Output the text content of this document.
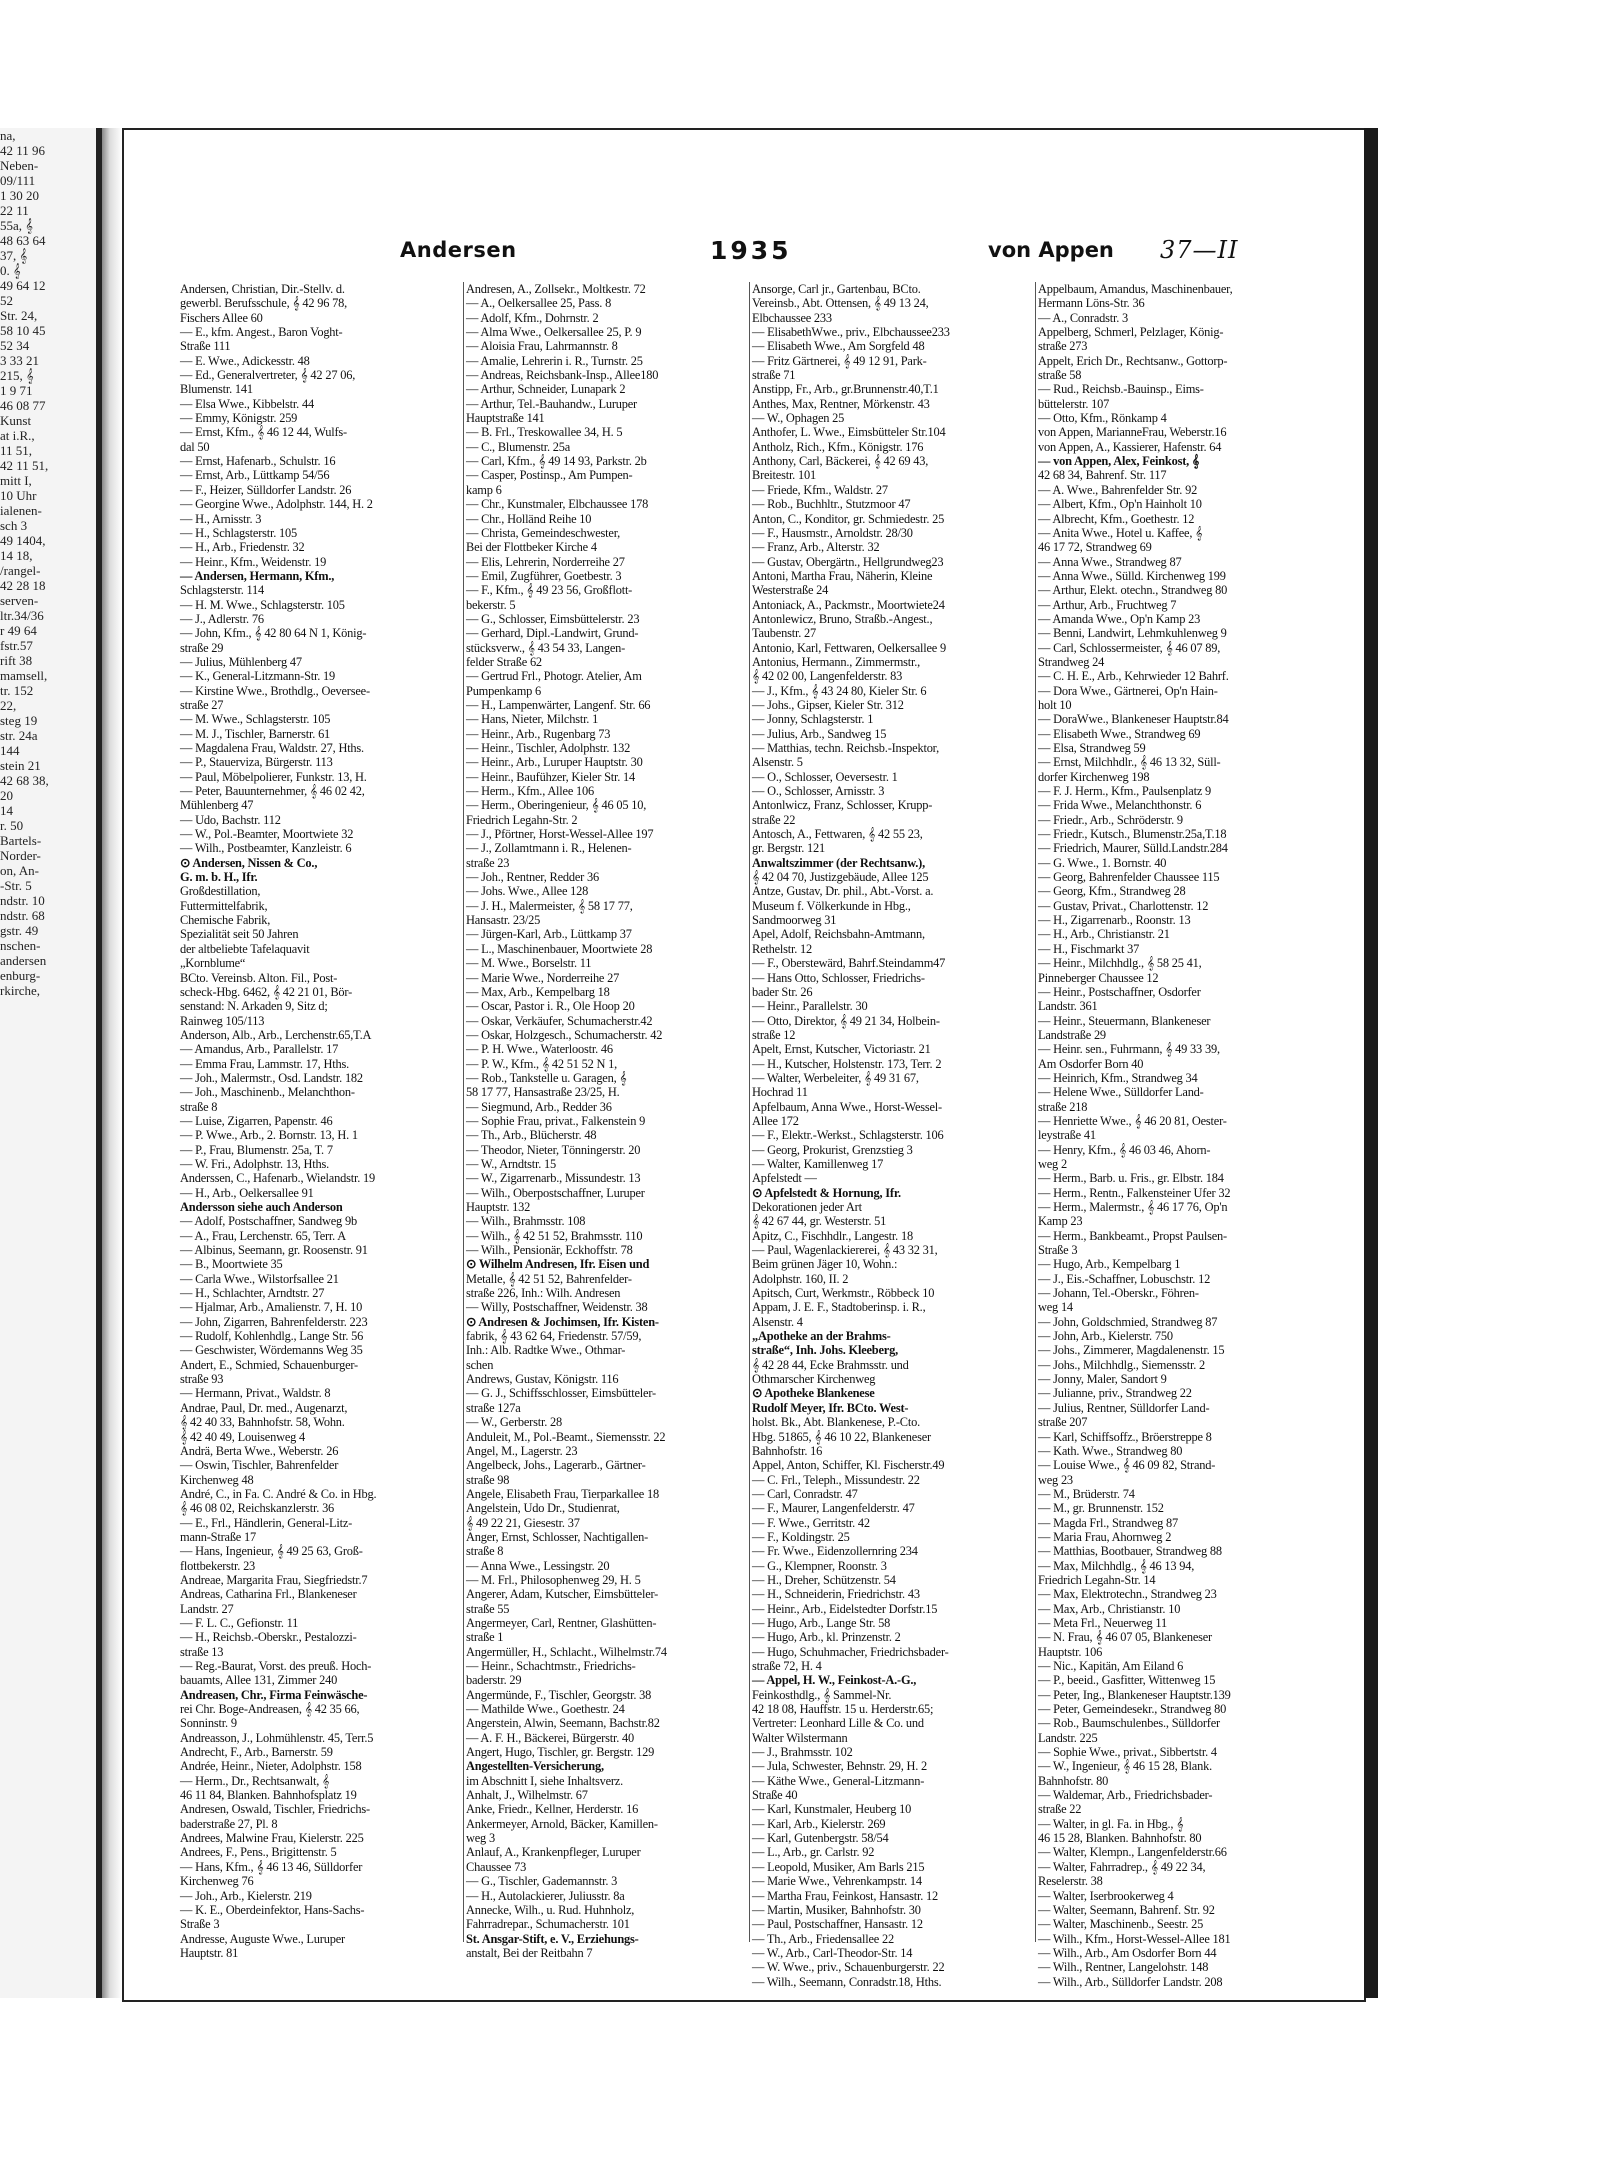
na,
42 11 96
Neben-
09/111
1 30 20
22 11
55a, 𝄞
48 63 64
37, 𝄞
0. 𝄞
49 64 12
52
Str. 24,
58 10 45
52 34
3 33 21
215, 𝄞
1 9 71
46 08 77
Kunst
at i.R.,
11 51,
42 11 51,
mitt I,
10 Uhr
ialenen-
sch 3
49 1404,
14 18,
/rangel-
42 28 18
serven-
ltr.34/36
r 49 64
fstr.57
rift 38
mamsell,
tr. 152
22,
steg 19
str. 24a
144
stein 21
42 68 38,
20
14
r. 50
Bartels-
Norder-
on, An-
-Str. 5
ndstr. 10
ndstr. 68
gstr. 49
nschen-
andersen
enburg-
rkirche,
Andersen	1935	von Appen 37—II
Andersen, Christian, Dir.-Stellv. d.
gewerbl. Berufsschule, 𝄞 42 96 78,
Fischers Allee 60
— E., kfm. Angest., Baron Voght-
Straße 111
— E. Wwe., Adickesstr. 48
— Ed., Generalvertreter, 𝄞 42 27 06,
Blumenstr. 141
— Elsa Wwe., Kibbelstr. 44
— Emmy, Königstr. 259
— Ernst, Kfm., 𝄞 46 12 44, Wulfs-
dal 50
— Ernst, Hafenarb., Schulstr. 16
— Ernst, Arb., Lüttkamp 54/56
— F., Heizer, Sülldorfer Landstr. 26
— Georgine Wwe., Adolphstr. 144, H. 2
— H., Arnisstr. 3
— H., Schlagsterstr. 105
— H., Arb., Friedenstr. 32
— Heinr., Kfm., Weidenstr. 19
— Andersen, Hermann, Kfm.,
Schlagsterstr. 114
— H. M. Wwe., Schlagsterstr. 105
— J., Adlerstr. 76
— John, Kfm., 𝄞 42 80 64 N 1, König-
straße 29
— Julius, Mühlenberg 47
— K., General-Litzmann-Str. 19
— Kirstine Wwe., Brothdlg., Oeversee-
straße 27
— M. Wwe., Schlagsterstr. 105
— M. J., Tischler, Barnerstr. 61
— Magdalena Frau, Waldstr. 27, Hths.
— P., Stauerviza, Bürgerstr. 113
— Paul, Möbelpolierer, Funkstr. 13, H.
— Peter, Bauunternehmer, 𝄞 46 02 42,
Mühlenberg 47
— Udo, Bachstr. 112
— W., Pol.-Beamter, Moortwiete 32
— Wilh., Postbeamter, Kanzleistr. 6
⊙ Andersen, Nissen & Co.,
G. m. b. H., Ifr.
Großdestillation,
Futtermittelfabrik,
Chemische Fabrik,
Spezialität seit 50 Jahren
der altbeliebte Tafelaquavit
„Kornblume“
BCto. Vereinsb. Alton. Fil., Post-
scheck-Hbg. 6462, 𝄞 42 21 01, Bör-
senstand: N. Arkaden 9, Sitz d;
Rainweg 105/113
Anderson, Alb., Arb., Lerchenstr.65,T.A
— Amandus, Arb., Parallelstr. 17
— Emma Frau, Lammstr. 17, Hths.
— Joh., Malermstr., Osd. Landstr. 182
— Joh., Maschinenb., Melanchthon-
straße 8
— Luise, Zigarren, Papenstr. 46
— P. Wwe., Arb., 2. Bornstr. 13, H. 1
— P., Frau, Blumenstr. 25a, T. 7
— W. Fri., Adolphstr. 13, Hths.
Anderssen, C., Hafenarb., Wielandstr. 19
— H., Arb., Oelkersallee 91
Andersson siehe auch Anderson
— Adolf, Postschaffner, Sandweg 9b
— A., Frau, Lerchenstr. 65, Terr. A
— Albinus, Seemann, gr. Roosenstr. 91
— B., Moortwiete 35
— Carla Wwe., Wilstorfsallee 21
— H., Schlachter, Arndtstr. 27
— Hjalmar, Arb., Amalienstr. 7, H. 10
— John, Zigarren, Bahrenfelderstr. 223
— Rudolf, Kohlenhdlg., Lange Str. 56
— Geschwister, Wördemanns Weg 35
Andert, E., Schmied, Schauenburger-
straße 93
— Hermann, Privat., Waldstr. 8
Andrae, Paul, Dr. med., Augenarzt,
𝄞 42 40 33, Bahnhofstr. 58, Wohn.
𝄞 42 40 49, Louisenweg 4
Andrä, Berta Wwe., Weberstr. 26
— Oswin, Tischler, Bahrenfelder
Kirchenweg 48
André, C., in Fa. C. André & Co. in Hbg.
𝄞 46 08 02, Reichskanzlerstr. 36
— E., Frl., Händlerin, General-Litz-
mann-Straße 17
— Hans, Ingenieur, 𝄞 49 25 63, Groß-
flottbekerstr. 23
Andreae, Margarita Frau, Siegfriedstr.7
Andreas, Catharina Frl., Blankeneser
Landstr. 27
— F. L. C., Gefionstr. 11
— H., Reichsb.-Oberskr., Pestalozzi-
straße 13
— Reg.-Baurat, Vorst. des preuß. Hoch-
bauamts, Allee 131, Zimmer 240
Andreasen, Chr., Firma Feinwäsche-
rei Chr. Boge-Andreasen, 𝄞 42 35 66,
Sonninstr. 9
Andreasson, J., Lohmühlenstr. 45, Terr.5
Andrecht, F., Arb., Barnerstr. 59
Andrée, Heinr., Nieter, Adolphstr. 158
— Herm., Dr., Rechtsanwalt, 𝄞
46 11 84, Blanken. Bahnhofsplatz 19
Andresen, Oswald, Tischler, Friedrichs-
baderstraße 27, Pl. 8
Andrees, Malwine Frau, Kielerstr. 225
Andrees, F., Pens., Brigittenstr. 5
— Hans, Kfm., 𝄞 46 13 46, Sülldorfer
Kirchenweg 76
— Joh., Arb., Kielerstr. 219
— K. E., Oberdeinfektor, Hans-Sachs-
Straße 3
Andresse, Auguste Wwe., Luruper
Hauptstr. 81
Andresen, A., Zollsekr., Moltkestr. 72
— A., Oelkersallee 25, Pass. 8
— Adolf, Kfm., Dohrnstr. 2
— Alma Wwe., Oelkersallee 25, P. 9
— Aloisia Frau, Lahrmannstr. 8
— Amalie, Lehrerin i. R., Turnstr. 25
— Andreas, Reichsbank-Insp., Allee180
— Arthur, Schneider, Lunapark 2
— Arthur, Tel.-Bauhandw., Luruper
Hauptstraße 141
— B. Frl., Treskowallee 34, H. 5
— C., Blumenstr. 25a
— Carl, Kfm., 𝄞 49 14 93, Parkstr. 2b
— Casper, Postinsp., Am Pumpen-
kamp 6
— Chr., Kunstmaler, Elbchaussee 178
— Chr., Holländ Reihe 10
— Christa, Gemeindeschwester,
Bei der Flottbeker Kirche 4
— Elis, Lehrerin, Norderreihe 27
— Emil, Zugführer, Goetbestr. 3
— F., Kfm., 𝄞 49 23 56, Großflott-
bekerstr. 5
— G., Schlosser, Eimsbüttelerstr. 23
— Gerhard, Dipl.-Landwirt, Grund-
stücksverw., 𝄞 43 54 33, Langen-
felder Straße 62
— Gertrud Frl., Photogr. Atelier, Am
Pumpenkamp 6
— H., Lampenwärter, Langenf. Str. 66
— Hans, Nieter, Milchstr. 1
— Heinr., Arb., Rugenbarg 73
— Heinr., Tischler, Adolphstr. 132
— Heinr., Arb., Luruper Hauptstr. 30
— Heinr., Baufühzer, Kieler Str. 14
— Herm., Kfm., Allee 106
— Herm., Oberingenieur, 𝄞 46 05 10,
Friedrich Legahn-Str. 2
— J., Pförtner, Horst-Wessel-Allee 197
— J., Zollamtmann i. R., Helenen-
straße 23
— Joh., Rentner, Redder 36
— Johs. Wwe., Allee 128
— J. H., Malermeister, 𝄞 58 17 77,
Hansastr. 23/25
— Jürgen-Karl, Arb., Lüttkamp 37
— L., Maschinenbauer, Moortwiete 28
— M. Wwe., Borselstr. 11
— Marie Wwe., Norderreihe 27
— Max, Arb., Kempelbarg 18
— Oscar, Pastor i. R., Ole Hoop 20
— Oskar, Verkäufer, Schumacherstr.42
— Oskar, Holzgesch., Schumacherstr. 42
— P. H. Wwe., Waterloostr. 46
— P. W., Kfm., 𝄞 42 51 52 N 1,
— Rob., Tankstelle u. Garagen, 𝄞
58 17 77, Hansastraße 23/25, H.
— Siegmund, Arb., Redder 36
— Sophie Frau, privat., Falkenstein 9
— Th., Arb., Blücherstr. 48
— Theodor, Nieter, Tönningerstr. 20
— W., Arndtstr. 15
— W., Zigarrenarb., Missundestr. 13
— Wilh., Oberpostschaffner, Luruper
Hauptstr. 132
— Wilh., Brahmsstr. 108
— Wilh., 𝄞 42 51 52, Brahmsstr. 110
— Wilh., Pensionär, Eckhoffstr. 78
⊙ Wilhelm Andresen, Ifr. Eisen und
Metalle, 𝄞 42 51 52, Bahrenfelder-
straße 226, Inh.: Wilh. Andresen
— Willy, Postschaffner, Weidenstr. 38
⊙ Andresen & Jochimsen, Ifr. Kisten-
fabrik, 𝄞 43 62 64, Friedenstr. 57/59,
Inh.: Alb. Radtke Wwe., Othmar-
schen
Andrews, Gustav, Königstr. 116
— G. J., Schiffsschlosser, Eimsbütteler-
straße 127a
— W., Gerberstr. 28
Anduleit, M., Pol.-Beamt., Siemensstr. 22
Angel, M., Lagerstr. 23
Angelbeck, Johs., Lagerarb., Gärtner-
straße 98
Angele, Elisabeth Frau, Tierparkallee 18
Angelstein, Udo Dr., Studienrat,
𝄞 49 22 21, Giesestr. 37
Anger, Ernst, Schlosser, Nachtigallen-
straße 8
— Anna Wwe., Lessingstr. 20
— M. Frl., Philosophenweg 29, H. 5
Angerer, Adam, Kutscher, Eimsbütteler-
straße 55
Angermeyer, Carl, Rentner, Glashütten-
straße 1
Angermüller, H., Schlacht., Wilhelmstr.74
— Heinr., Schachtmstr., Friedrichs-
baderstr. 29
Angermünde, F., Tischler, Georgstr. 38
— Mathilde Wwe., Goethestr. 24
Angerstein, Alwin, Seemann, Bachstr.82
— A. F. H., Bäckerei, Bürgerstr. 40
Angert, Hugo, Tischler, gr. Bergstr. 129
Angestellten-Versicherung,
im Abschnitt I, siehe Inhaltsverz.
Anhalt, J., Wilhelmstr. 67
Anke, Friedr., Kellner, Herderstr. 16
Ankermeyer, Arnold, Bäcker, Kamillen-
weg 3
Anlauf, A., Krankenpfleger, Luruper
Chaussee 73
— G., Tischler, Gademannstr. 3
— H., Autolackierer, Juliusstr. 8a
Annecke, Wilh., u. Rud. Huhnholz,
Fahrradrepar., Schumacherstr. 101
St. Ansgar-Stift, e. V., Erziehungs-
anstalt, Bei der Reitbahn 7
Ansorge, Carl jr., Gartenbau, BCto.
Vereinsb., Abt. Ottensen, 𝄞 49 13 24,
Elbchaussee 233
— ElisabethWwe., priv., Elbchaussee233
— Elisabeth Wwe., Am Sorgfeld 48
— Fritz Gärtnerei, 𝄞 49 12 91, Park-
straße 71
Anstipp, Fr., Arb., gr.Brunnenstr.40,T.1
Anthes, Max, Rentner, Mörkenstr. 43
— W., Ophagen 25
Anthofer, L. Wwe., Eimsbütteler Str.104
Antholz, Rich., Kfm., Königstr. 176
Anthony, Carl, Bäckerei, 𝄞 42 69 43,
Breitestr. 101
— Friede, Kfm., Waldstr. 27
— Rob., Buchhltr., Stutzmoor 47
Anton, C., Konditor, gr. Schmiedestr. 25
— F., Hausmstr., Arnoldstr. 28/30
— Franz, Arb., Alterstr. 32
— Gustav, Obergärtn., Hellgrundweg23
Antoni, Martha Frau, Näherin, Kleine
Westerstraße 24
Antoniack, A., Packmstr., Moortwiete24
Antonlewicz, Bruno, Straßb.-Angest.,
Taubenstr. 27
Antonio, Karl, Fettwaren, Oelkersallee 9
Antonius, Hermann., Zimmermstr.,
𝄞 42 02 00, Langenfelderstr. 83
— J., Kfm., 𝄞 43 24 80, Kieler Str. 6
— Johs., Gipser, Kieler Str. 312
— Jonny, Schlagsterstr. 1
— Julius, Arb., Sandweg 15
— Matthias, techn. Reichsb.-Inspektor,
Alsenstr. 5
— O., Schlosser, Oeversestr. 1
— O., Schlosser, Arnisstr. 3
Antonlwicz, Franz, Schlosser, Krupp-
straße 22
Antosch, A., Fettwaren, 𝄞 42 55 23,
gr. Bergstr. 121
Anwaltszimmer (der Rechtsanw.),
𝄞 42 04 70, Justizgebäude, Allee 125
Antze, Gustav, Dr. phil., Abt.-Vorst. a.
Museum f. Völkerkunde in Hbg.,
Sandmoorweg 31
Apel, Adolf, Reichsbahn-Amtmann,
Rethelstr. 12
— F., Oberstewärd, Bahrf.Steindamm47
— Hans Otto, Schlosser, Friedrichs-
bader Str. 26
— Heinr., Parallelstr. 30
— Otto, Direktor, 𝄞 49 21 34, Holbein-
straße 12
Apelt, Ernst, Kutscher, Victoriastr. 21
— H., Kutscher, Holstenstr. 173, Terr. 2
— Walter, Werbeleiter, 𝄞 49 31 67,
Hochrad 11
Apfelbaum, Anna Wwe., Horst-Wessel-
Allee 172
— F., Elektr.-Werkst., Schlagsterstr. 106
— Georg, Prokurist, Grenzstieg 3
— Walter, Kamillenweg 17
Apfelstedt —
⊙ Apfelstedt & Hornung, Ifr.
Dekorationen jeder Art
𝄞 42 67 44, gr. Westerstr. 51
Apitz, C., Fischhdlr., Langestr. 18
— Paul, Wagenlackiererei, 𝄞 43 32 31,
Beim grünen Jäger 10, Wohn.:
Adolphstr. 160, II. 2
Apitsch, Curt, Werkmstr., Röbbeck 10
Appam, J. E. F., Stadtoberinsp. i. R.,
Alsenstr. 4
„Apotheke an der Brahms-
straße“, Inh. Johs. Kleeberg,
𝄞 42 28 44, Ecke Brahmsstr. und
Othmarscher Kirchenweg
⊙ Apotheke Blankenese
Rudolf Meyer, Ifr. BCto. West-
holst. Bk., Abt. Blankenese, P.-Cto.
Hbg. 51865, 𝄞 46 10 22, Blankeneser
Bahnhofstr. 16
Appel, Anton, Schiffer, Kl. Fischerstr.49
— C. Frl., Teleph., Missundestr. 22
— Carl, Conradstr. 47
— F., Maurer, Langenfelderstr. 47
— F. Wwe., Gerritstr. 42
— F., Koldingstr. 25
— Fr. Wwe., Eidenzollernring 234
— G., Klempner, Roonstr. 3
— H., Dreher, Schützenstr. 54
— H., Schneiderin, Friedrichstr. 43
— Heinr., Arb., Eidelstedter Dorfstr.15
— Hugo, Arb., Lange Str. 58
— Hugo, Arb., kl. Prinzenstr. 2
— Hugo, Schuhmacher, Friedrichsbader-
straße 72, H. 4
— Appel, H. W., Feinkost-A.-G.,
Feinkosthdlg., 𝄞 Sammel-Nr.
42 18 08, Hauffstr. 15 u. Herderstr.65;
Vertreter: Leonhard Lille & Co. und
Walter Wilstermann
— J., Brahmsstr. 102
— Jula, Schwester, Behnstr. 29, H. 2
— Käthe Wwe., General-Litzmann-
Straße 40
— Karl, Kunstmaler, Heuberg 10
— Karl, Arb., Kielerstr. 269
— Karl, Gutenbergstr. 58/54
— L., Arb., gr. Carlstr. 92
— Leopold, Musiker, Am Barls 215
— Marie Wwe., Vehrenkampstr. 14
— Martha Frau, Feinkost, Hansastr. 12
— Martin, Musiker, Bahnhofstr. 30
— Paul, Postschaffner, Hansastr. 12
— Th., Arb., Friedensallee 22
— W., Arb., Carl-Theodor-Str. 14
— W. Wwe., priv., Schauenburgerstr. 22
— Wilh., Seemann, Conradstr.18, Hths.
Appelbaum, Amandus, Maschinenbauer,
Hermann Löns-Str. 36
— A., Conradstr. 3
Appelberg, Schmerl, Pelzlager, König-
straße 273
Appelt, Erich Dr., Rechtsanw., Gottorp-
straße 58
— Rud., Reichsb.-Bauinsp., Eims-
büttelerstr. 107
— Otto, Kfm., Rönkamp 4
von Appen, MarianneFrau, Weberstr.16
von Appen, A., Kassierer, Hafenstr. 64
— von Appen, Alex, Feinkost, 𝄞
42 68 34, Bahrenf. Str. 117
— A. Wwe., Bahrenfelder Str. 92
— Albert, Kfm., Op'n Hainholt 10
— Albrecht, Kfm., Goethestr. 12
— Anita Wwe., Hotel u. Kaffee, 𝄞
46 17 72, Strandweg 69
— Anna Wwe., Strandweg 87
— Anna Wwe., Sülld. Kirchenweg 199
— Arthur, Elekt. otechn., Strandweg 80
— Arthur, Arb., Fruchtweg 7
— Amanda Wwe., Op'n Kamp 23
— Benni, Landwirt, Lehmkuhlenweg 9
— Carl, Schlossermeister, 𝄞 46 07 89,
Strandweg 24
— C. H. E., Arb., Kehrwieder 12 Bahrf.
— Dora Wwe., Gärtnerei, Op'n Hain-
holt 10
— DoraWwe., Blankeneser Hauptstr.84
— Elisabeth Wwe., Strandweg 69
— Elsa, Strandweg 59
— Ernst, Milchhdlr., 𝄞 46 13 32, Süll-
dorfer Kirchenweg 198
— F. J. Herm., Kfm., Paulsenplatz 9
— Frida Wwe., Melanchthonstr. 6
— Friedr., Arb., Schröderstr. 9
— Friedr., Kutsch., Blumenstr.25a,T.18
— Friedrich, Maurer, Sülld.Landstr.284
— G. Wwe., 1. Bornstr. 40
— Georg, Bahrenfelder Chaussee 115
— Georg, Kfm., Strandweg 28
— Gustav, Privat., Charlottenstr. 12
— H., Zigarrenarb., Roonstr. 13
— H., Arb., Christianstr. 21
— H., Fischmarkt 37
— Heinr., Milchhdlg., 𝄞 58 25 41,
Pinneberger Chaussee 12
— Heinr., Postschaffner, Osdorfer
Landstr. 361
— Heinr., Steuermann, Blankeneser
Landstraße 29
— Heinr. sen., Fuhrmann, 𝄞 49 33 39,
Am Osdorfer Born 40
— Heinrich, Kfm., Strandweg 34
— Helene Wwe., Sülldorfer Land-
straße 218
— Henriette Wwe., 𝄞 46 20 81, Oester-
leystraße 41
— Henry, Kfm., 𝄞 46 03 46, Ahorn-
weg 2
— Herm., Barb. u. Fris., gr. Elbstr. 184
— Herm., Rentn., Falkensteiner Ufer 32
— Herm., Malermstr., 𝄞 46 17 76, Op'n
Kamp 23
— Herm., Bankbeamt., Propst Paulsen-
Straße 3
— Hugo, Arb., Kempelbarg 1
— J., Eis.-Schaffner, Lobuschstr. 12
— Johann, Tel.-Oberskr., Föhren-
weg 14
— John, Goldschmied, Strandweg 87
— John, Arb., Kielerstr. 750
— Johs., Zimmerer, Magdalenenstr. 15
— Johs., Milchhdlg., Siemensstr. 2
— Jonny, Maler, Sandort 9
— Julianne, priv., Strandweg 22
— Julius, Rentner, Sülldorfer Land-
straße 207
— Karl, Schiffsoffz., Bröerstreppe 8
— Kath. Wwe., Strandweg 80
— Louise Wwe., 𝄞 46 09 82, Strand-
weg 23
— M., Brüderstr. 74
— M., gr. Brunnenstr. 152
— Magda Frl., Strandweg 87
— Maria Frau, Ahornweg 2
— Matthias, Bootbauer, Strandweg 88
— Max, Milchhdlg., 𝄞 46 13 94,
Friedrich Legahn-Str. 14
— Max, Elektrotechn., Strandweg 23
— Max, Arb., Christianstr. 10
— Meta Frl., Neuerweg 11
— N. Frau, 𝄞 46 07 05, Blankeneser
Hauptstr. 106
— Nic., Kapitän, Am Eiland 6
— P., beeid., Gasfitter, Wittenweg 15
— Peter, Ing., Blankeneser Hauptstr.139
— Peter, Gemeindesekr., Strandweg 80
— Rob., Baumschulenbes., Sülldorfer
Landstr. 225
— Sophie Wwe., privat., Sibbertstr. 4
— W., Ingenieur, 𝄞 46 15 28, Blank.
Bahnhofstr. 80
— Waldemar, Arb., Friedrichsbader-
straße 22
— Walter, in gl. Fa. in Hbg., 𝄞
46 15 28, Blanken. Bahnhofstr. 80
— Walter, Klempn., Langenfelderstr.66
— Walter, Fahrradrep., 𝄞 49 22 34,
Reselerstr. 38
— Walter, Iserbrookerweg 4
— Walter, Seemann, Bahrenf. Str. 92
— Walter, Maschinenb., Seestr. 25
— Wilh., Kfm., Horst-Wessel-Allee 181
— Wilh., Arb., Am Osdorfer Born 44
— Wilh., Rentner, Langelohstr. 148
— Wilh., Arb., Sülldorfer Landstr. 208
